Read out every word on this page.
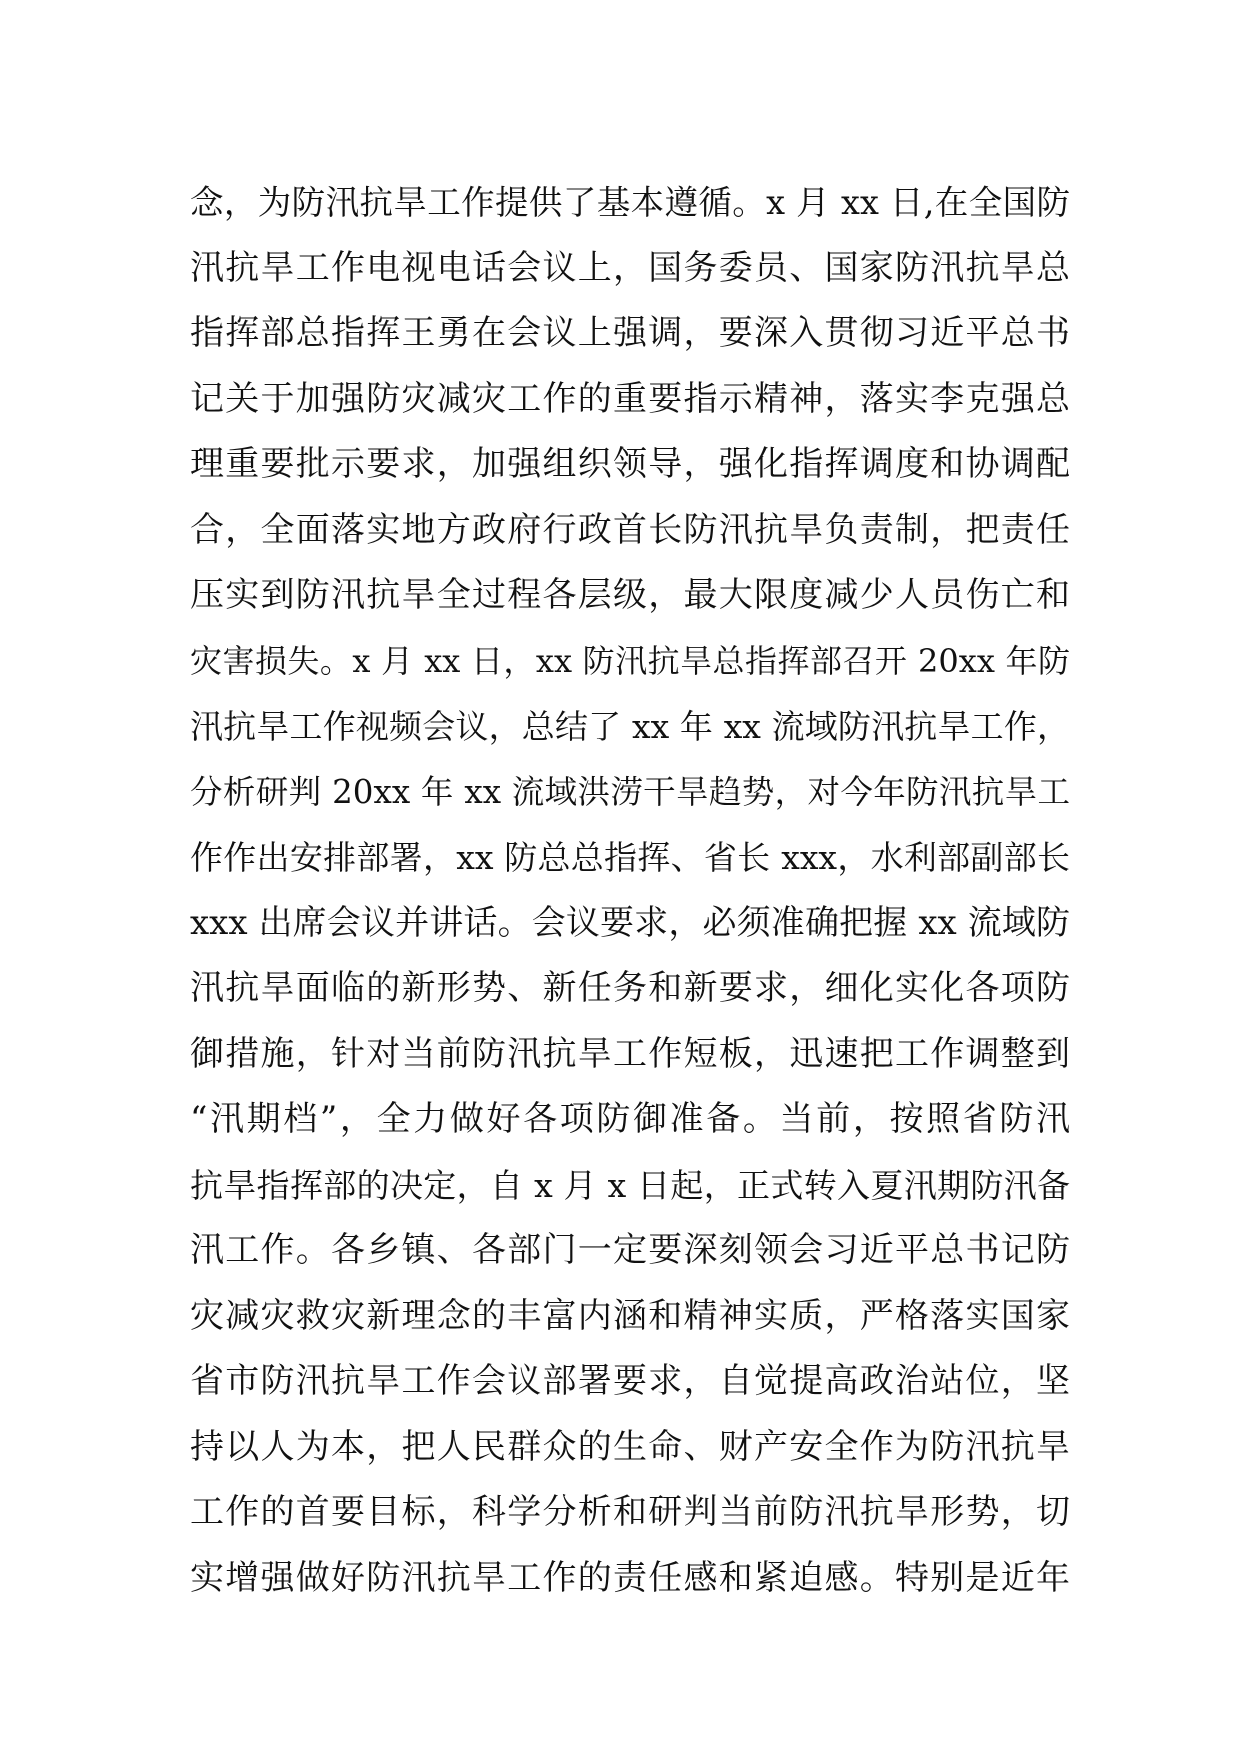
念，为防汛抗旱工作提供了基本遵循。x 月 xx 日,在全国防
汛抗旱工作电视电话会议上，国务委员、国家防汛抗旱总
指挥部总指挥王勇在会议上强调，要深入贯彻习近平总书
记关于加强防灾减灾工作的重要指示精神，落实李克强总
理重要批示要求，加强组织领导，强化指挥调度和协调配
合，全面落实地方政府行政首长防汛抗旱负责制，把责任
压实到防汛抗旱全过程各层级，最大限度减少人员伤亡和
灾害损失。x 月 xx 日，xx 防汛抗旱总指挥部召开 20xx 年防
汛抗旱工作视频会议，总结了 xx 年 xx 流域防汛抗旱工作，
分析研判 20xx 年 xx 流域洪涝干旱趋势，对今年防汛抗旱工
作作出安排部署，xx 防总总指挥、省长 xxx，水利部副部长
xxx 出席会议并讲话。会议要求，必须准确把握 xx 流域防
汛抗旱面临的新形势、新任务和新要求，细化实化各项防
御措施，针对当前防汛抗旱工作短板，迅速把工作调整到
“汛期档”，全力做好各项防御准备。当前，按照省防汛
抗旱指挥部的决定，自 x 月 x 日起，正式转入夏汛期防汛备
汛工作。各乡镇、各部门一定要深刻领会习近平总书记防
灾减灾救灾新理念的丰富内涵和精神实质，严格落实国家
省市防汛抗旱工作会议部署要求，自觉提高政治站位，坚
持以人为本，把人民群众的生命、财产安全作为防汛抗旱
工作的首要目标，科学分析和研判当前防汛抗旱形势，切
实增强做好防汛抗旱工作的责任感和紧迫感。特别是近年
